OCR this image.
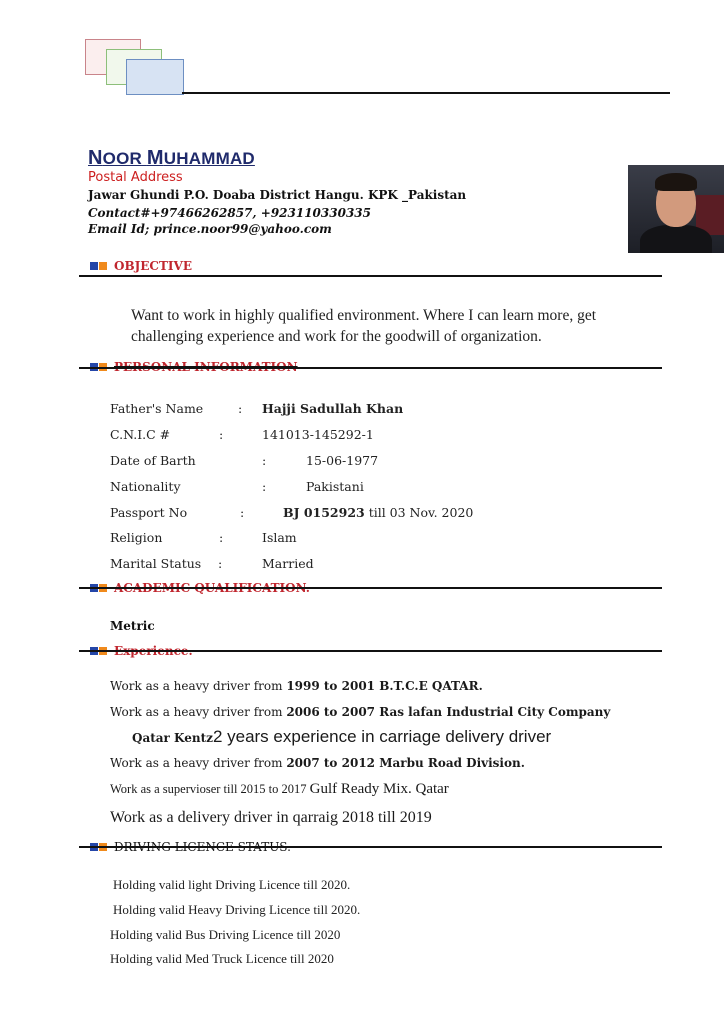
NOOR MUHAMMAD
Postal Address
Jawar Ghundi P.O. Doaba District Hangu. KPK _Pakistan
Contact#+97466262857, +923110330335
Email Id; prince.noor99@yahoo.com
OBJECTIVE
Want to work in highly qualified environment. Where I can learn more, get challenging experience and work for the goodwill of organization.
Father's Name	: Hajji Sadullah Khan
C.N.I.C #	:	141013-145292-1
Date of Barth	:	15-06-1977
Nationality	:	Pakistani
Passport No	:	BJ 0152923 till 03 Nov. 2020
Religion	:	Islam
Marital Status :	Married
Metric
Work as a heavy driver from 1999 to 2001 B.T.C.E QATAR.
Work as a heavy driver from 2006 to 2007 Ras lafan Industrial City Company
Qatar Kentz2 years experience in carriage delivery driver
Work as a heavy driver from 2007 to 2012 Marbu Road Division.
Work as a supervioser till 2015 to 2017 Gulf Ready Mix. Qatar
Work as a delivery driver in qarraig 2018 till 2019
Holding valid light Driving Licence till 2020.
Holding valid Heavy Driving Licence till 2020.
Holding valid Bus Driving Licence till 2020
Holding valid Med Truck Licence till 2020
